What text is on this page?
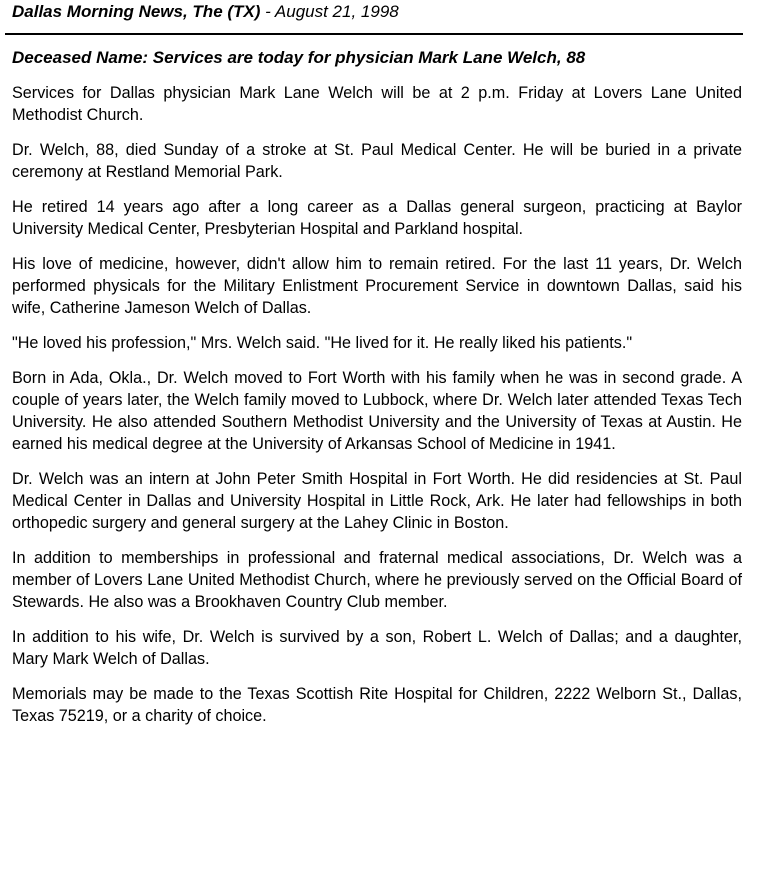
Dallas Morning News, The (TX) - August 21, 1998

Deceased Name: Services are today for physician Mark Lane Welch, 88

Services for Dallas physician Mark Lane Welch will be at 2 p.m. Friday at Lovers Lane United Methodist Church.

Dr. Welch, 88, died Sunday of a stroke at St. Paul Medical Center. He will be buried in a private ceremony at Restland Memorial Park.

He retired 14 years ago after a long career as a Dallas general surgeon, practicing at Baylor University Medical Center, Presbyterian Hospital and Parkland hospital.

His love of medicine, however, didn't allow him to remain retired. For the last 11 years, Dr. Welch performed physicals for the Military Enlistment Procurement Service in downtown Dallas, said his wife, Catherine Jameson Welch of Dallas.

"He loved his profession," Mrs. Welch said. "He lived for it. He really liked his patients."

Born in Ada, Okla., Dr. Welch moved to Fort Worth with his family when he was in second grade. A couple of years later, the Welch family moved to Lubbock, where Dr. Welch later attended Texas Tech University. He also attended Southern Methodist University and the University of Texas at Austin. He earned his medical degree at the University of Arkansas School of Medicine in 1941.

Dr. Welch was an intern at John Peter Smith Hospital in Fort Worth. He did residencies at St. Paul Medical Center in Dallas and University Hospital in Little Rock, Ark. He later had fellowships in both orthopedic surgery and general surgery at the Lahey Clinic in Boston.

In addition to memberships in professional and fraternal medical associations, Dr. Welch was a member of Lovers Lane United Methodist Church, where he previously served on the Official Board of Stewards. He also was a Brookhaven Country Club member.

In addition to his wife, Dr. Welch is survived by a son, Robert L. Welch of Dallas; and a daughter, Mary Mark Welch of Dallas.

Memorials may be made to the Texas Scottish Rite Hospital for Children, 2222 Welborn St., Dallas, Texas 75219, or a charity of choice.
